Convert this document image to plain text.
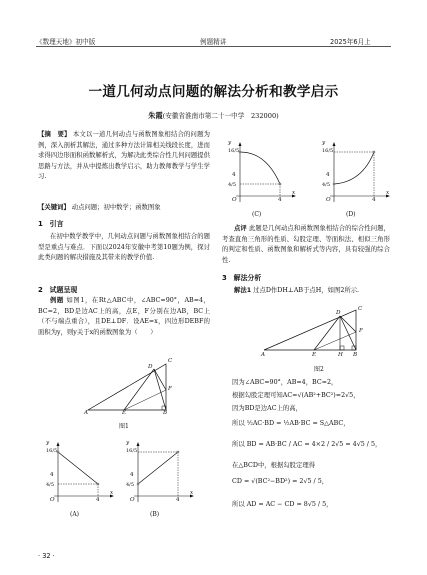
《数理天地》初中版	例题精讲	2025年6月上
一道几何动点问题的解法分析和教学启示
朱霞(安徽省淮南市第二十一中学　232000)
【摘　要】 本文以一道几何动点与函数图象相结合的问题为例，深入剖析其解法，通过多种方法计算相关线段长度，进而求得四边形面积函数解析式，为解决此类综合性几何问题提供思路与方法，并从中提炼出教学启示，助力教师教学与学生学习.
【关键词】 动点问题；初中数学；函数图象
1　引言
在初中数学教学中，几何动点问题与函数图象相结合的题型是重点与难点．下面以2024年安徽中考第10题为例，探讨此类问题的解决措施及其带来的教学价值.
2　试题呈现
例题 如图1，在Rt△ABC中，∠ABC=90°，AB=4，BC=2，BD是边AC上的高，点E，F分别在边AB，BC上（不与端点重合），且DE⊥DF．设AE=x，四边形DEBF的面积为y，则y关于x的函数图象为（　　）
A	B
C
D
E
F
图1
y
16/5
4
4/5
O	4
x
(A)
y
16/5
4
4/5
O	4
x
(B)
y
16/5
4
4/5
O	4
x
(C)
y
16/5
4
4/5
O	4
x
(D)
点评 此题是几何动点和函数图象相结合的综合性问题，考查直角三角形的性质、勾股定理、等面积法、相似三角形的判定和性质、函数图象和解析式等内容，具有较强的综合性.
3　解法分析
解法1 过点D作DH⊥AB于点H，如图2所示.
A	B
C
D
E
F
H
图2
因为∠ABC=90°，AB=4，BC=2，
根据勾股定理可知AC=√(AB²+BC²)=2√5，
因为BD是边AC上的高，
所以 ½AC·BD = ½AB·BC = S△ABC，
所以 BD = AB·BC / AC = 4×2 / 2√5 = 4√5 / 5，
在△BCD中，根据勾股定理得
CD = √(BC²−BD²) = 2√5 / 5，
所以 AD = AC − CD = 8√5 / 5，
· 32 ·
